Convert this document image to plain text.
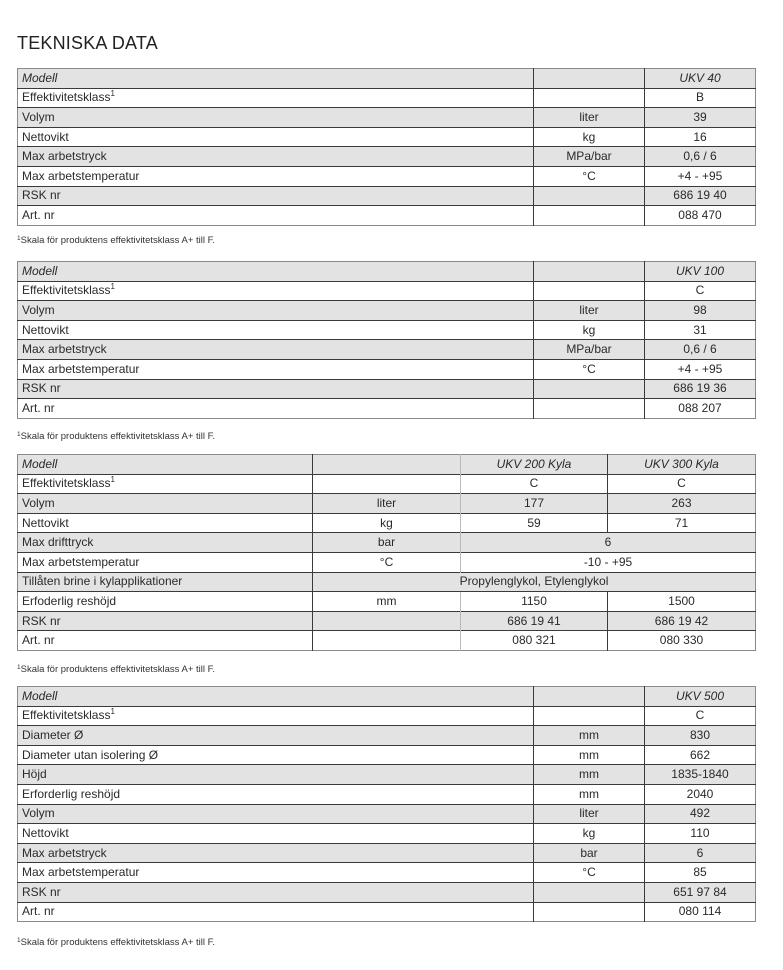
TEKNISKA DATA
Modell		UKV 40
Effektivitetsklass$^1$		B
Volym	liter	39
Nettovikt	kg	16
Max arbetstryck	MPa/bar	0,6 / 6
Max arbetstemperatur	°C	+4 - +95
RSK nr		686 19 40
Art. nr		088 470
$^1$Skala för produktens effektivitetsklass A+ till F.
Modell		UKV 100
Effektivitetsklass$^1$		C
Volym	liter	98
Nettovikt	kg	31
Max arbetstryck	MPa/bar	0,6 / 6
Max arbetstemperatur	°C	+4 - +95
RSK nr		686 19 36
Art. nr		088 207
$^1$Skala för produktens effektivitetsklass A+ till F.
Modell		UKV 200 Kyla	UKV 300 Kyla
Effektivitetsklass$^1$		C	C
Volym	liter	177	263
Nettovikt	kg	59	71
Max drifttryck	bar	6	
Max arbetstemperatur	°C	-10 - +95	
Tillåten brine i kylapplikationer	Propylenglykol, Etylenglykol		
Erfoderlig reshöjd	mm	1150	1500
RSK nr		686 19 41	686 19 42
Art. nr		080 321	080 330
$^1$Skala för produktens effektivitetsklass A+ till F.
Modell		UKV 500
Effektivitetsklass$^1$		C
Diameter Ø	mm	830
Diameter utan isolering Ø	mm	662
Höjd	mm	1835-1840
Erforderlig reshöjd	mm	2040
Volym	liter	492
Nettovikt	kg	110
Max arbetstryck	bar	6
Max arbetstemperatur	°C	85
RSK nr		651 97 84
Art. nr		080 114
$^1$Skala för produktens effektivitetsklass A+ till F.
